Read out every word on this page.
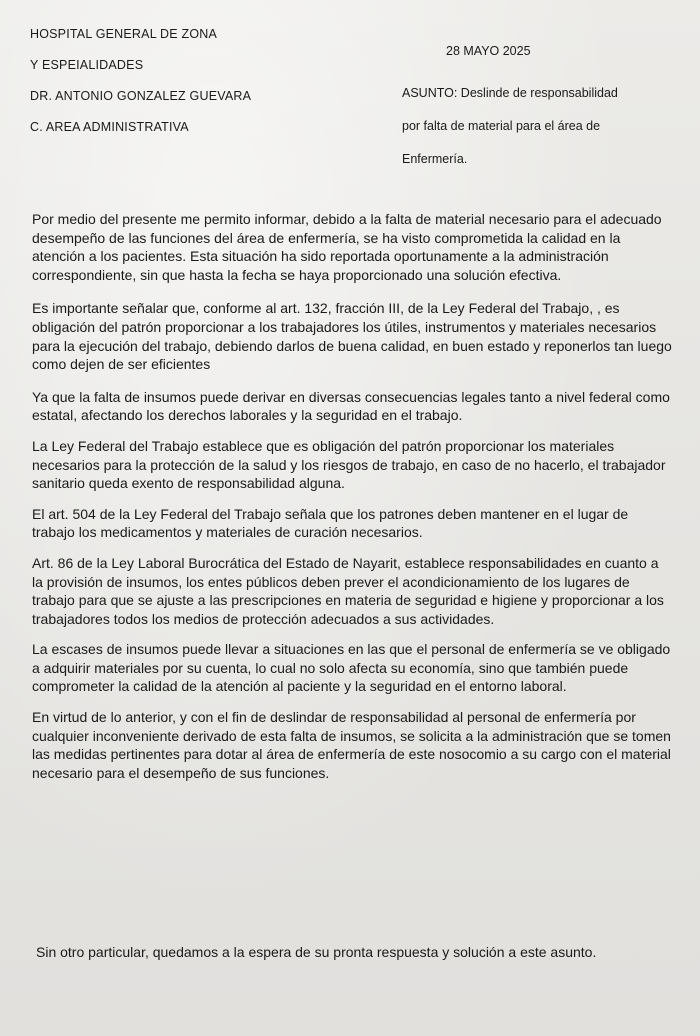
HOSPITAL GENERAL DE ZONA
Y ESPEIALIDADES
DR. ANTONIO GONZALEZ GUEVARA
C. AREA ADMINISTRATIVA
28 MAYO 2025
ASUNTO: Deslinde de responsabilidad
por falta de material para el área de
Enfermería.

Por medio del presente me permito informar, debido a la falta de material necesario para el adecuado desempeño de las funciones del área de enfermería, se ha visto comprometida la calidad en la atención a los pacientes. Esta situación ha sido reportada oportunamente a la administración correspondiente, sin que hasta la fecha se haya proporcionado una solución efectiva.

Es importante señalar que, conforme al art. 132, fracción III, de la Ley Federal del Trabajo, , es obligación del patrón proporcionar a los trabajadores los útiles, instrumentos y materiales necesarios para la ejecución del trabajo, debiendo darlos de buena calidad, en buen estado y reponerlos tan luego como dejen de ser eficientes

Ya que la falta de insumos puede derivar en diversas consecuencias legales tanto a nivel federal como estatal, afectando los derechos laborales y la seguridad en el trabajo.

La Ley Federal del Trabajo establece que es obligación del patrón proporcionar los materiales necesarios para la protección de la salud y los riesgos de trabajo, en caso de no hacerlo, el trabajador sanitario queda exento de responsabilidad alguna.

El art. 504 de la Ley Federal del Trabajo señala que los patrones deben mantener en el lugar de trabajo los medicamentos y materiales de curación necesarios.

Art. 86 de la Ley Laboral Burocrática del Estado de Nayarit, establece responsabilidades en cuanto a la provisión de insumos, los entes públicos deben prever el acondicionamiento de los lugares de trabajo para que se ajuste a las prescripciones en materia de seguridad e higiene y proporcionar a los trabajadores todos los medios de protección adecuados a sus actividades.

La escases de insumos puede llevar a situaciones en las que el personal de enfermería se ve obligado a adquirir materiales por su cuenta, lo cual no solo afecta su economía, sino que también puede comprometer la calidad de la atención al paciente y la seguridad en el entorno laboral.

En virtud de lo anterior, y con el fin de deslindar de responsabilidad al personal de enfermería por cualquier inconveniente derivado de esta falta de insumos, se solicita a la administración que se tomen las medidas pertinentes para dotar al área de enfermería de este nosocomio a su cargo con el material necesario para el desempeño de sus funciones.

Sin otro particular, quedamos a la espera de su pronta respuesta y solución a este asunto.
